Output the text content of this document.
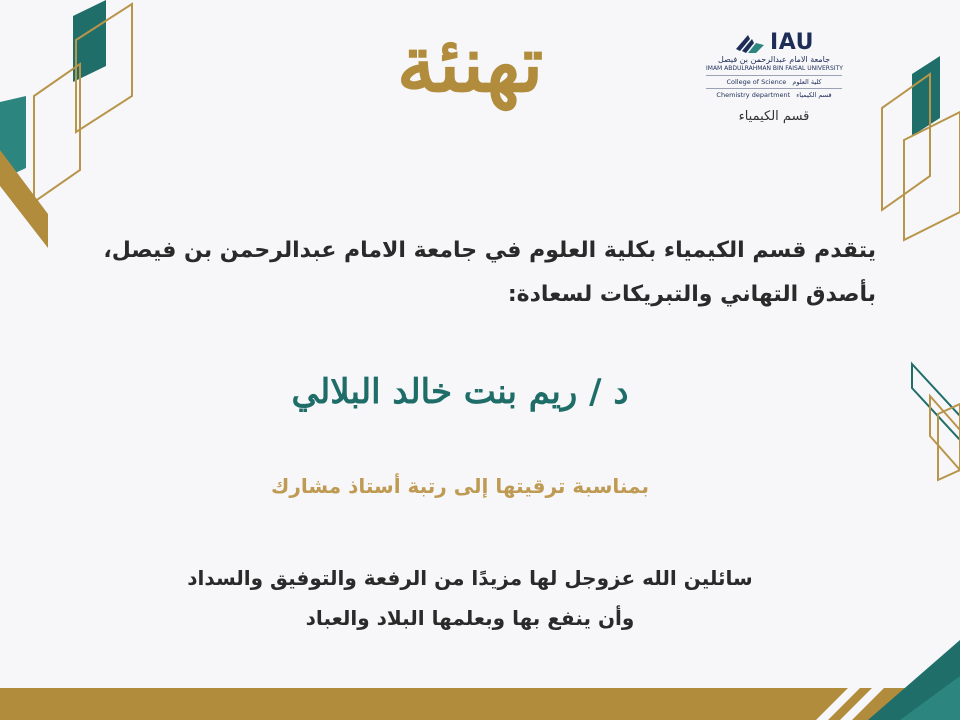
تهنئة	IAU
جامعة الامام عبدالرحمن بن فيصل
IMAM ABDULRAHMAN BIN FAISAL UNIVERSITY
College of Science كلية العلوم
Chemistry department قسم الكيمياء
قسم الكيمياء
يتقدم قسم الكيمياء بكلية العلوم في جامعة الامام عبدالرحمن بن فيصل،
بأصدق التهاني والتبريكات لسعادة:
د / ريم بنت خالد البلالي
بمناسبة ترقيتها إلى رتبة أستاذ مشارك
سائلين الله عزوجل لها مزيدًا من الرفعة والتوفيق والسداد
وأن ينفع بها وبعلمها البلاد والعباد
